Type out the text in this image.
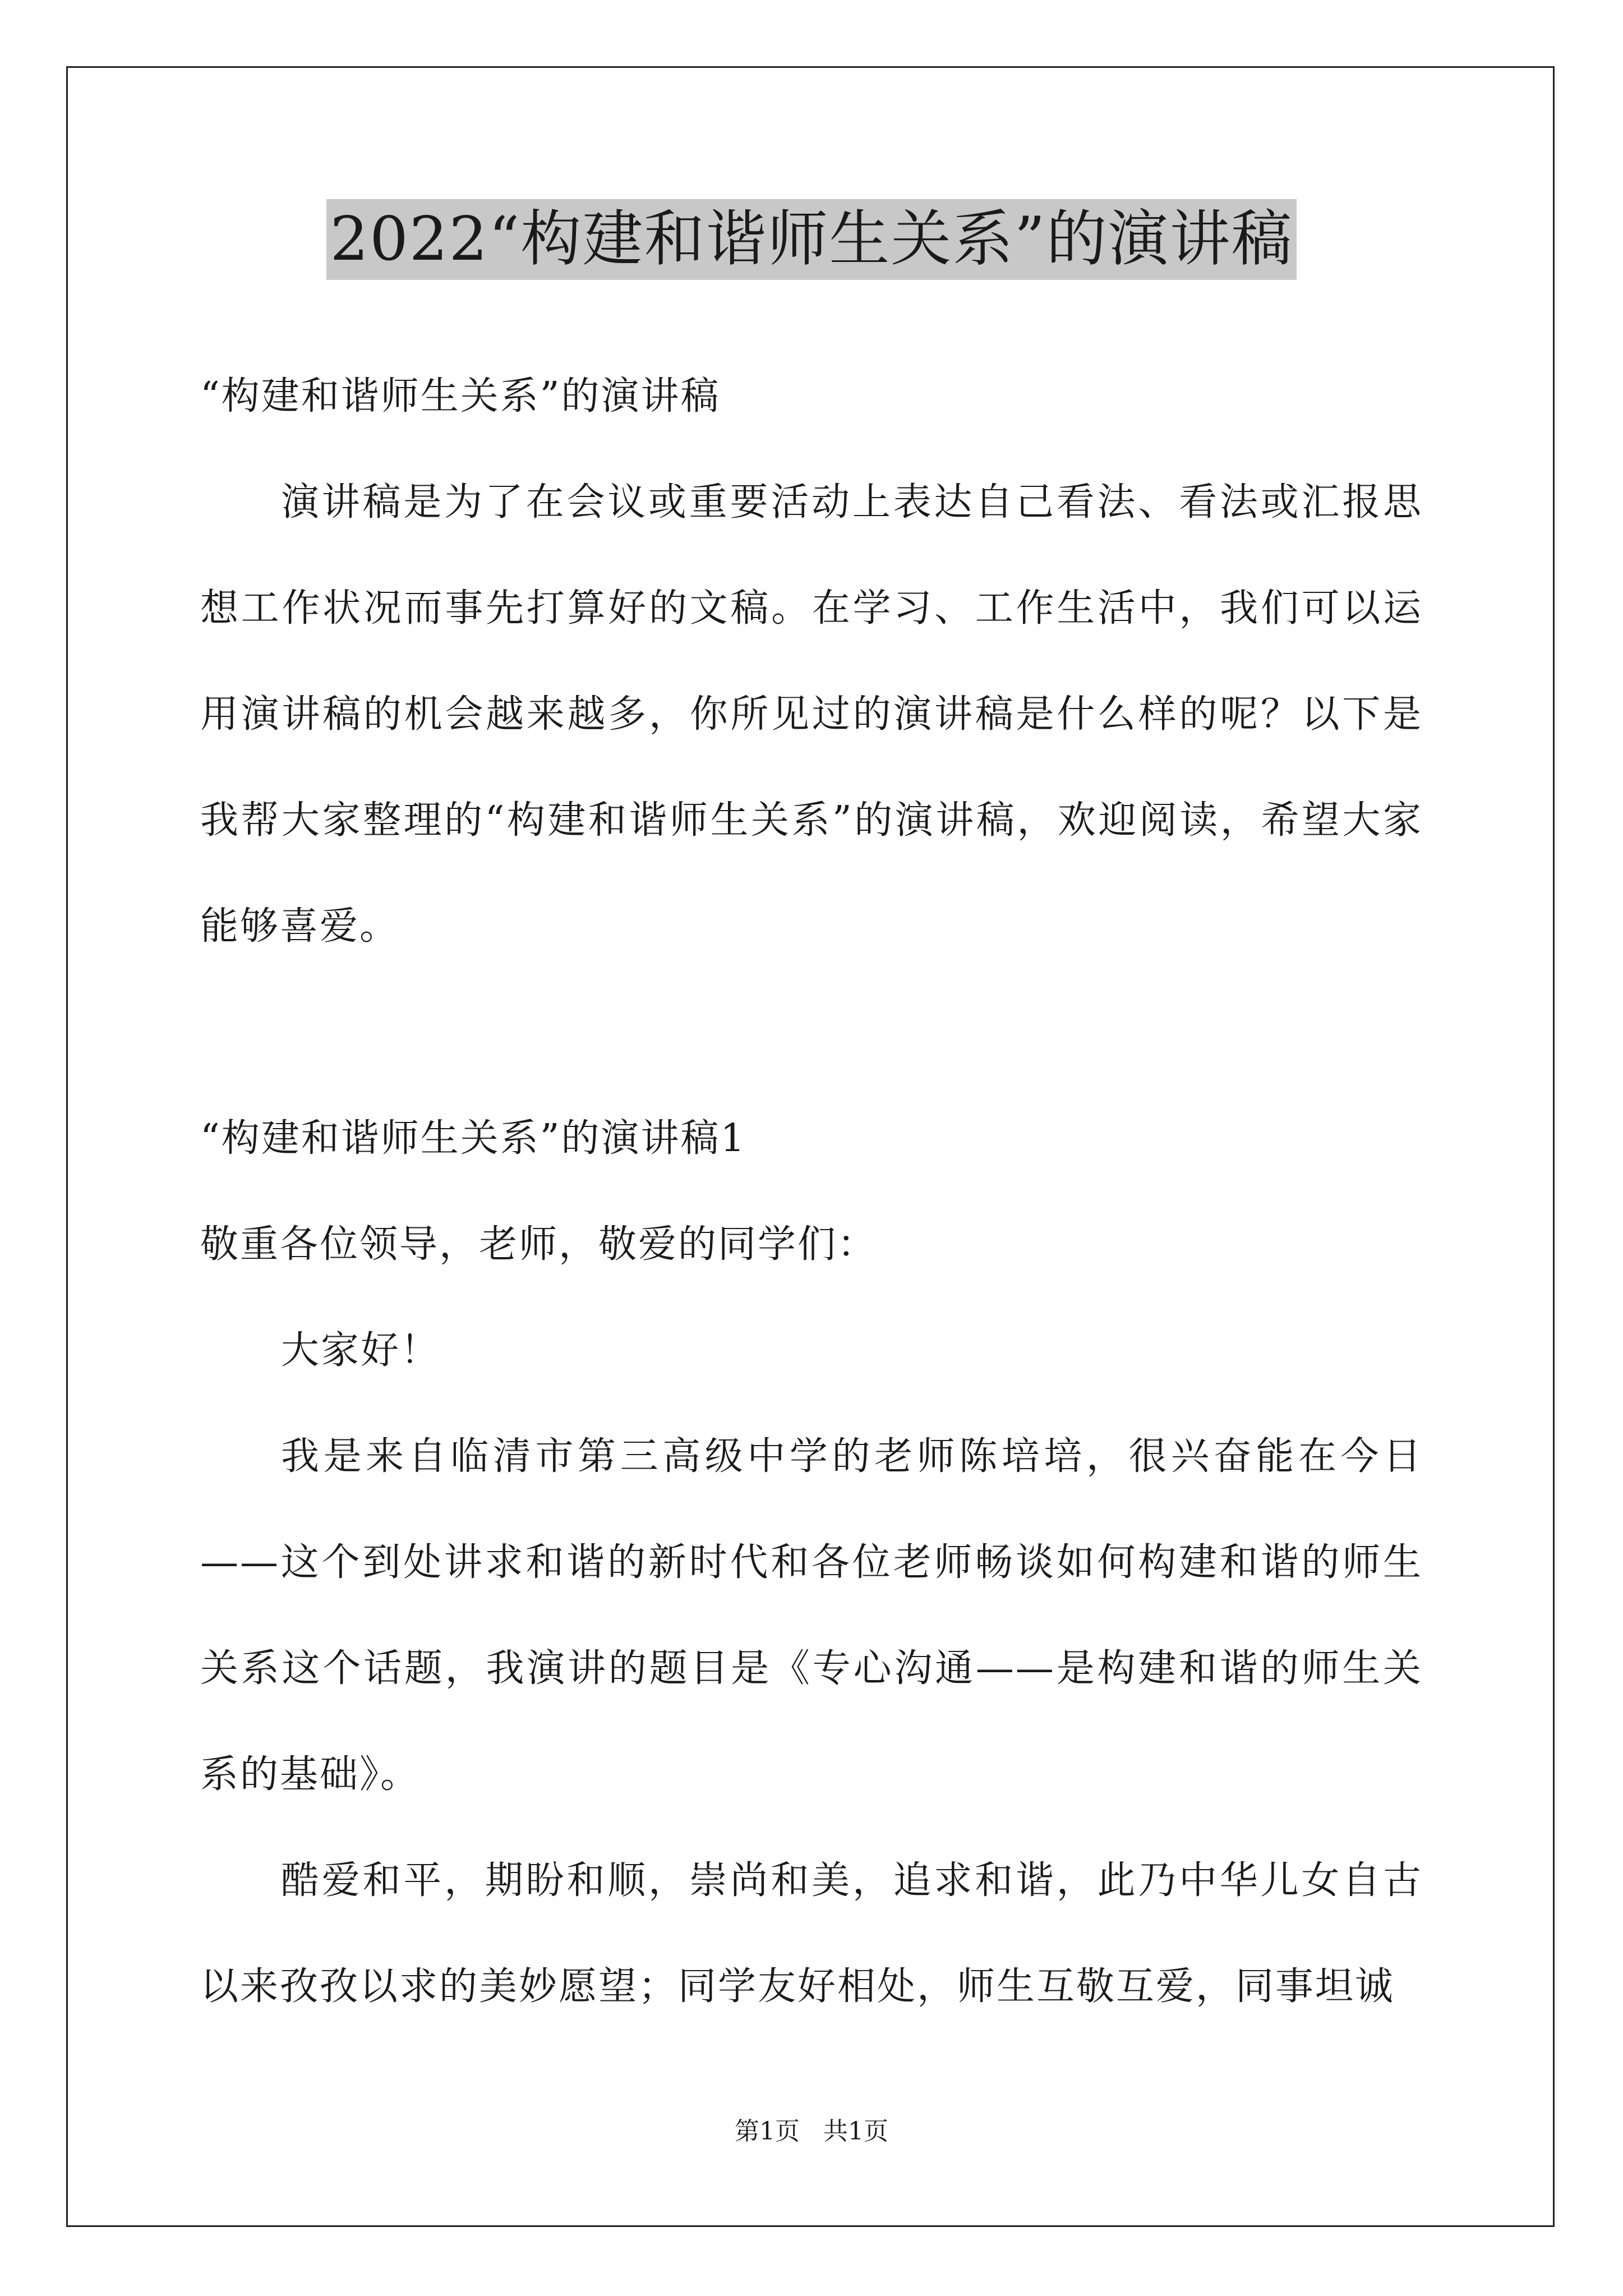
2022“构建和谐师生关系”的演讲稿

“构建和谐师生关系”的演讲稿

演讲稿是为了在会议或重要活动上表达自己看法、看法或汇报思想工作状况而事先打算好的文稿。在学习、工作生活中，我们可以运用演讲稿的机会越来越多，你所见过的演讲稿是什么样的呢？以下是我帮大家整理的“构建和谐师生关系”的演讲稿，欢迎阅读，希望大家能够喜爱。

“构建和谐师生关系”的演讲稿1

敬重各位领导，老师，敬爱的同学们：

大家好！

我是来自临清市第三高级中学的老师陈培培，很兴奋能在今日——这个到处讲求和谐的新时代和各位老师畅谈如何构建和谐的师生关系这个话题，我演讲的题目是《专心沟通——是构建和谐的师生关系的基础》。

酷爱和平，期盼和顺，崇尚和美，追求和谐，此乃中华儿女自古以来孜孜以求的美妙愿望；同学友好相处，师生互敬互爱，同事坦诚

第1页   共1页
